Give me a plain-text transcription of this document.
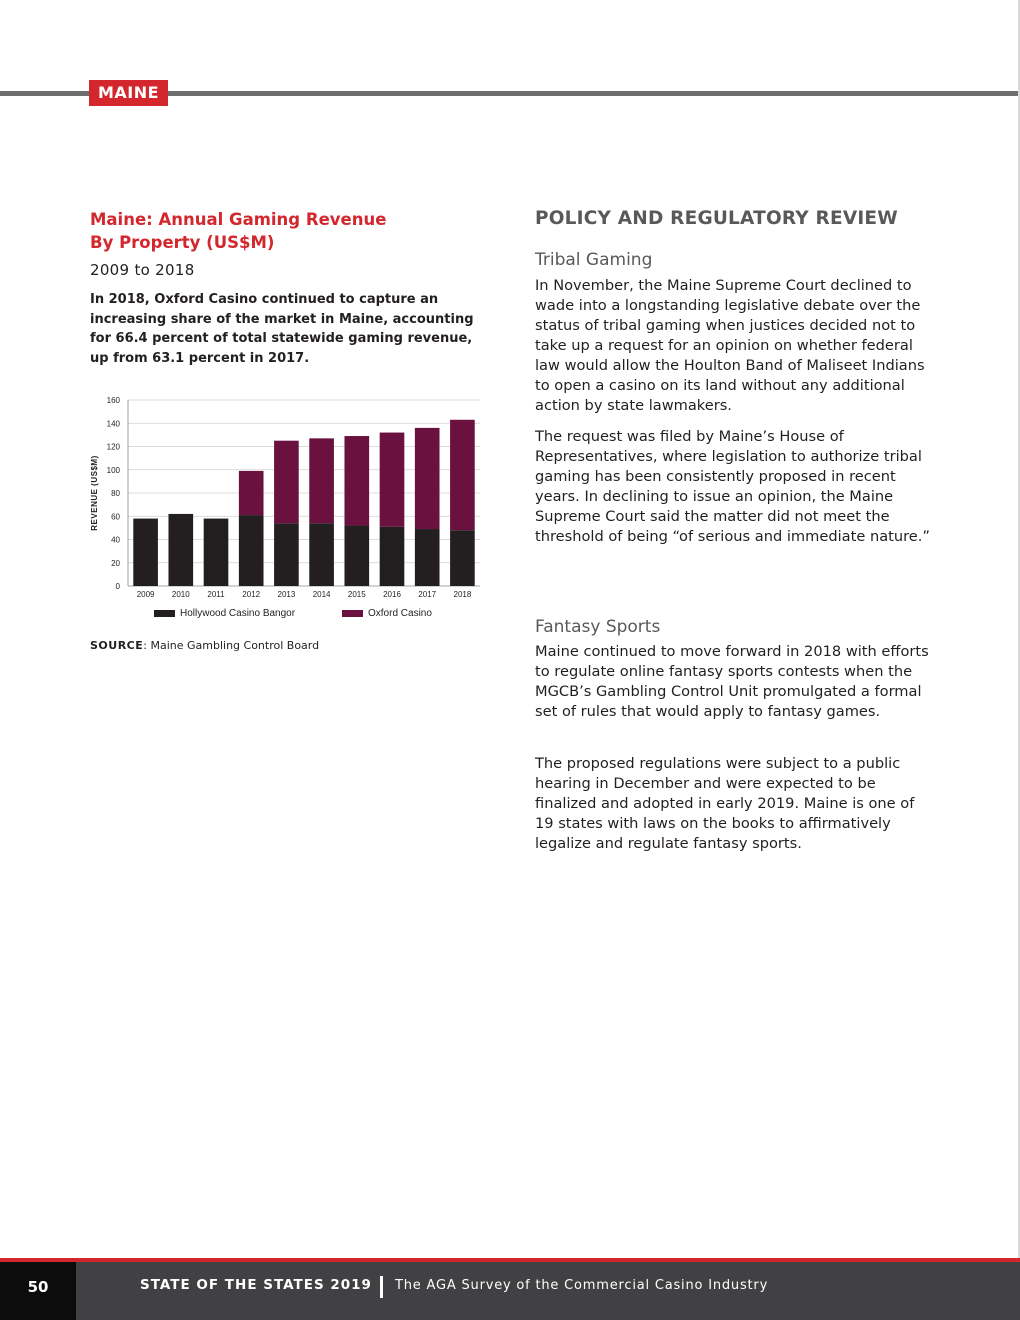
MAINE
Maine: Annual Gaming Revenue
By Property (US$M)
2009 to 2018
In 2018, Oxford Casino continued to capture an increasing share of the market in Maine, accounting for 66.4 percent of total statewide gaming revenue, up from 63.1 percent in 2017.
0
20
40
60
80
100
120
140
160
REVENUE (US$M)
2009 2010 2011 2012 2013 2014 2015 2016 2017 2018
Hollywood Casino Bangor	Oxford Casino
SOURCE: Maine Gambling Control Board
POLICY AND REGULATORY REVIEW
Tribal Gaming
In November, the Maine Supreme Court declined to wade into a longstanding legislative debate over the status of tribal gaming when justices decided not to take up a request for an opinion on whether federal law would allow the Houlton Band of Maliseet Indians to open a casino on its land without any additional action by state lawmakers.
The request was filed by Maine’s House of Representatives, where legislation to authorize tribal gaming has been consistently proposed in recent years. In declining to issue an opinion, the Maine Supreme Court said the matter did not meet the threshold of being “of serious and immediate nature.”
Fantasy Sports
Maine continued to move forward in 2018 with efforts to regulate online fantasy sports contests when the MGCB’s Gambling Control Unit promulgated a formal set of rules that would apply to fantasy games.
The proposed regulations were subject to a public hearing in December and were expected to be finalized and adopted in early 2019. Maine is one of 19 states with laws on the books to affirmatively legalize and regulate fantasy sports.
50	STATE OF THE STATES 2019 The AGA Survey of the Commercial Casino Industry
